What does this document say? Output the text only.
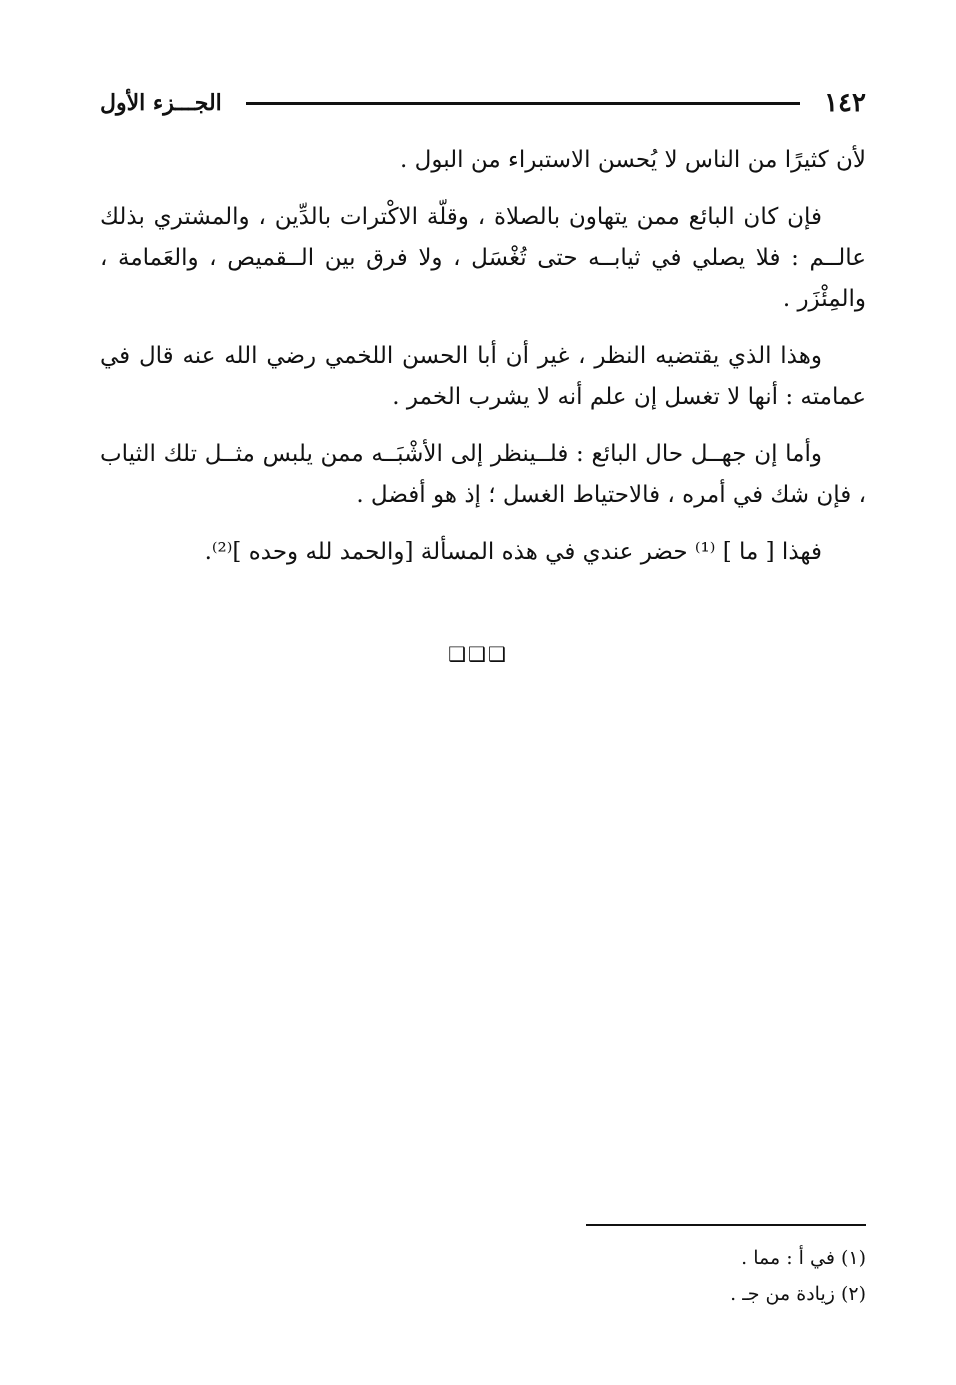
١٤٢
الجـــزء الأول

لأن كثيرًا من الناس لا يُحسن الاستبراء من البول .

فإن كان البائع ممن يتهاون بالصلاة ، وقلّة الاكْترات بالدِّين ، والمشتري بذلك عالــم : فلا يصلي في ثيابــه حتى تُغْسَل ، ولا فرق بين الــقميص ، والعَمامة ، والمِئْزَر .

وهذا الذي يقتضيه النظر ، غير أن أبا الحسن اللخمي رضي الله عنه قال في عمامته : أنها لا تغسل إن علم أنه لا يشرب الخمر .

وأما إن جهــل حال البائع : فلــينظر إلى الأشْبَــه ممن يلبس مثــل تلك الثياب ، فإن شك في أمره ، فالاحتياط الغسل ؛ إذ هو أفضل .

فهذا [ ما ] ⁽¹⁾ حضر عندي في هذه المسألة [والحمد لله وحده ]⁽²⁾.

❑❑❑

(١) في أ : مما .

(٢) زيادة من جـ .
